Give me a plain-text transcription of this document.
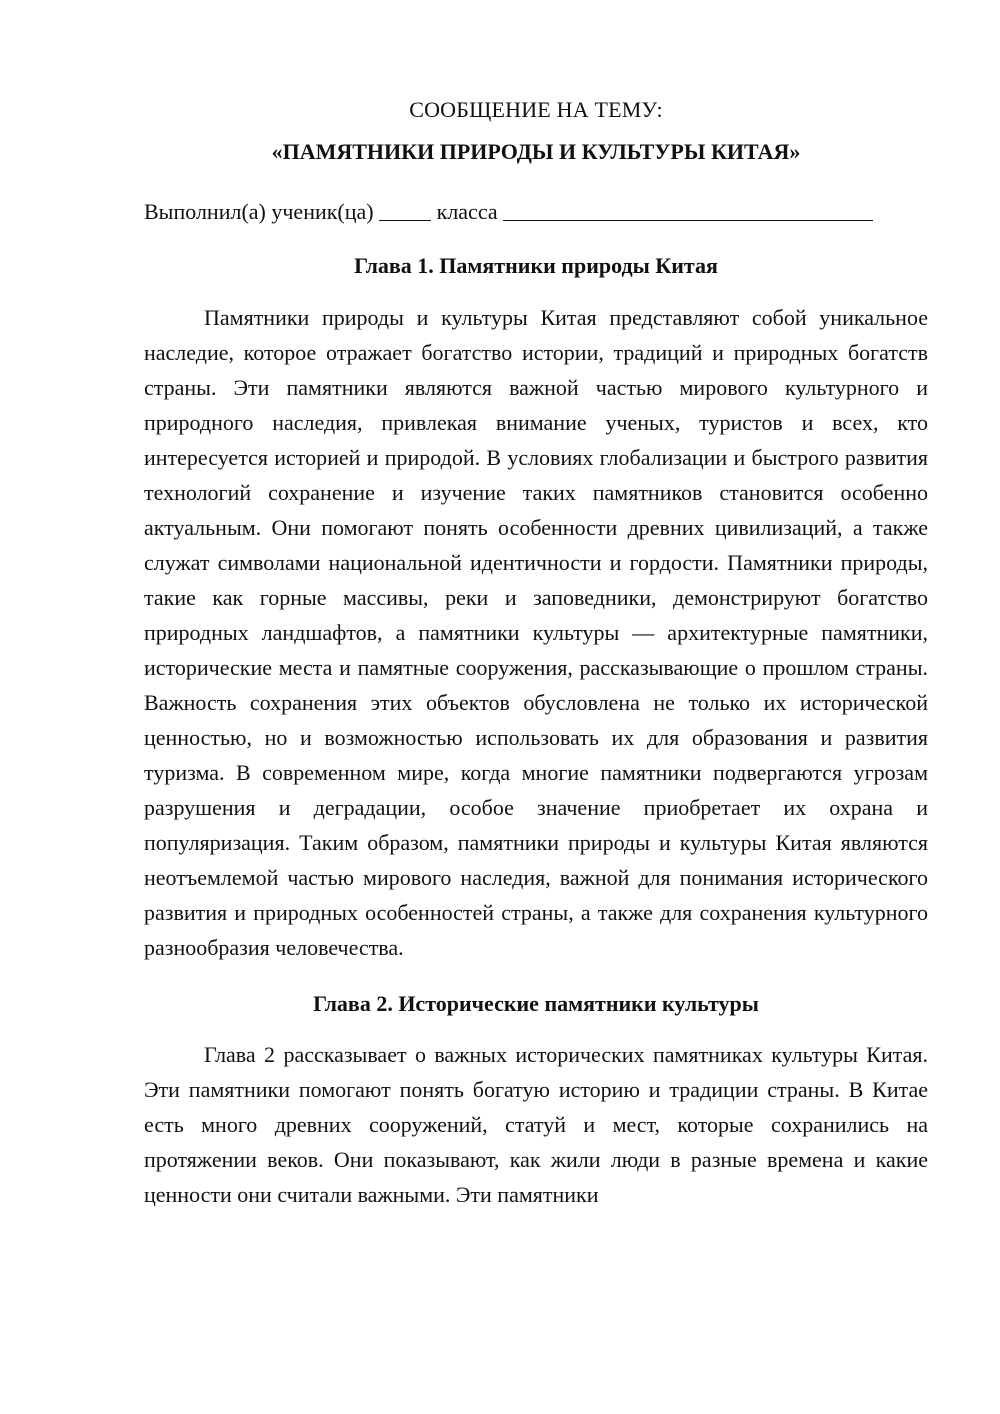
СООБЩЕНИЕ НА ТЕМУ:

«ПАМЯТНИКИ ПРИРОДЫ И КУЛЬТУРЫ КИТАЯ»

Выполнил(а) ученик(ца)	класса
Глава 1. Памятники природы Китая

Памятники природы и культуры Китая представляют собой уникальное наследие, которое отражает богатство истории, традиций и природных богатств страны. Эти памятники являются важной частью мирового культурного и природного наследия, привлекая внимание ученых, туристов и всех, кто интересуется историей и природой. В условиях глобализации и быстрого развития технологий сохранение и изучение таких памятников становится особенно актуальным. Они помогают понять особенности древних цивилизаций, а также служат символами национальной идентичности и гордости. Памятники природы, такие как горные массивы, реки и заповедники, демонстрируют богатство природных ландшафтов, а памятники культуры — архитектурные памятники, исторические места и памятные сооружения, рассказывающие о прошлом страны. Важность сохранения этих объектов обусловлена не только их исторической ценностью, но и возможностью использовать их для образования и развития туризма. В современном мире, когда многие памятники подвергаются угрозам разрушения и деградации, особое значение приобретает их охрана и популяризация. Таким образом, памятники природы и культуры Китая являются неотъемлемой частью мирового наследия, важной для понимания исторического развития и природных особенностей страны, а также для сохранения культурного разнообразия человечества.

Глава 2. Исторические памятники культуры

Глава 2 рассказывает о важных исторических памятниках культуры Китая. Эти памятники помогают понять богатую историю и традиции страны. В Китае есть много древних сооружений, статуй и мест, которые сохранились на протяжении веков. Они показывают, как жили люди в разные времена и какие ценности они считали важными. Эти памятники
